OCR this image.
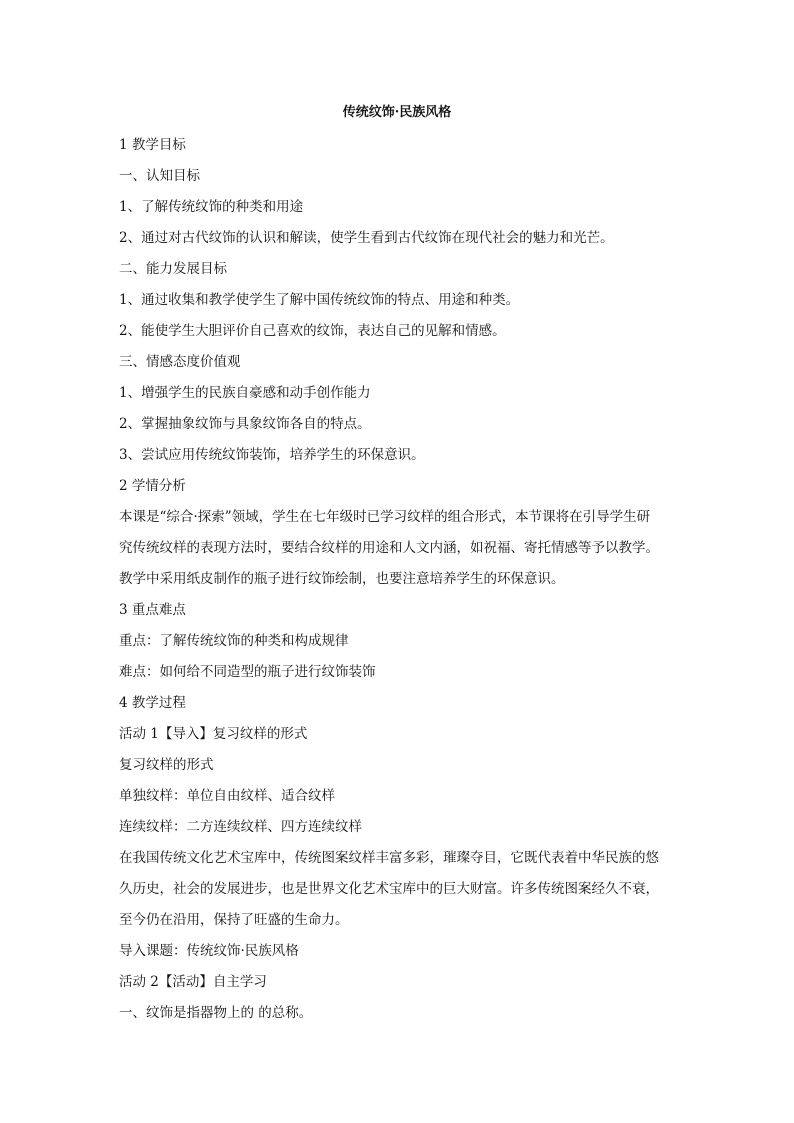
传统纹饰·民族风格
1 教学目标
一、认知目标
1、了解传统纹饰的种类和用途
2、通过对古代纹饰的认识和解读，使学生看到古代纹饰在现代社会的魅力和光芒。
二、能力发展目标
1、通过收集和教学使学生了解中国传统纹饰的特点、用途和种类。
2、能使学生大胆评价自己喜欢的纹饰，表达自己的见解和情感。
三、情感态度价值观
1、增强学生的民族自豪感和动手创作能力
2、掌握抽象纹饰与具象纹饰各自的特点。
3、尝试应用传统纹饰装饰，培养学生的环保意识。
2 学情分析
本课是“综合·探索”领域，学生在七年级时已学习纹样的组合形式，本节课将在引导学生研
究传统纹样的表现方法时，要结合纹样的用途和人文内涵，如祝福、寄托情感等予以教学。
教学中采用纸皮制作的瓶子进行纹饰绘制，也要注意培养学生的环保意识。
3 重点难点
重点：了解传统纹饰的种类和构成规律
难点：如何给不同造型的瓶子进行纹饰装饰
4 教学过程
活动 1【导入】复习纹样的形式
复习纹样的形式
单独纹样：单位自由纹样、适合纹样
连续纹样：二方连续纹样、四方连续纹样
在我国传统文化艺术宝库中，传统图案纹样丰富多彩，璀璨夺目，它既代表着中华民族的悠
久历史，社会的发展进步，也是世界文化艺术宝库中的巨大财富。许多传统图案经久不衰，
至今仍在沿用，保持了旺盛的生命力。
导入课题：传统纹饰·民族风格
活动 2【活动】自主学习
一、纹饰是指器物上的 的总称。
